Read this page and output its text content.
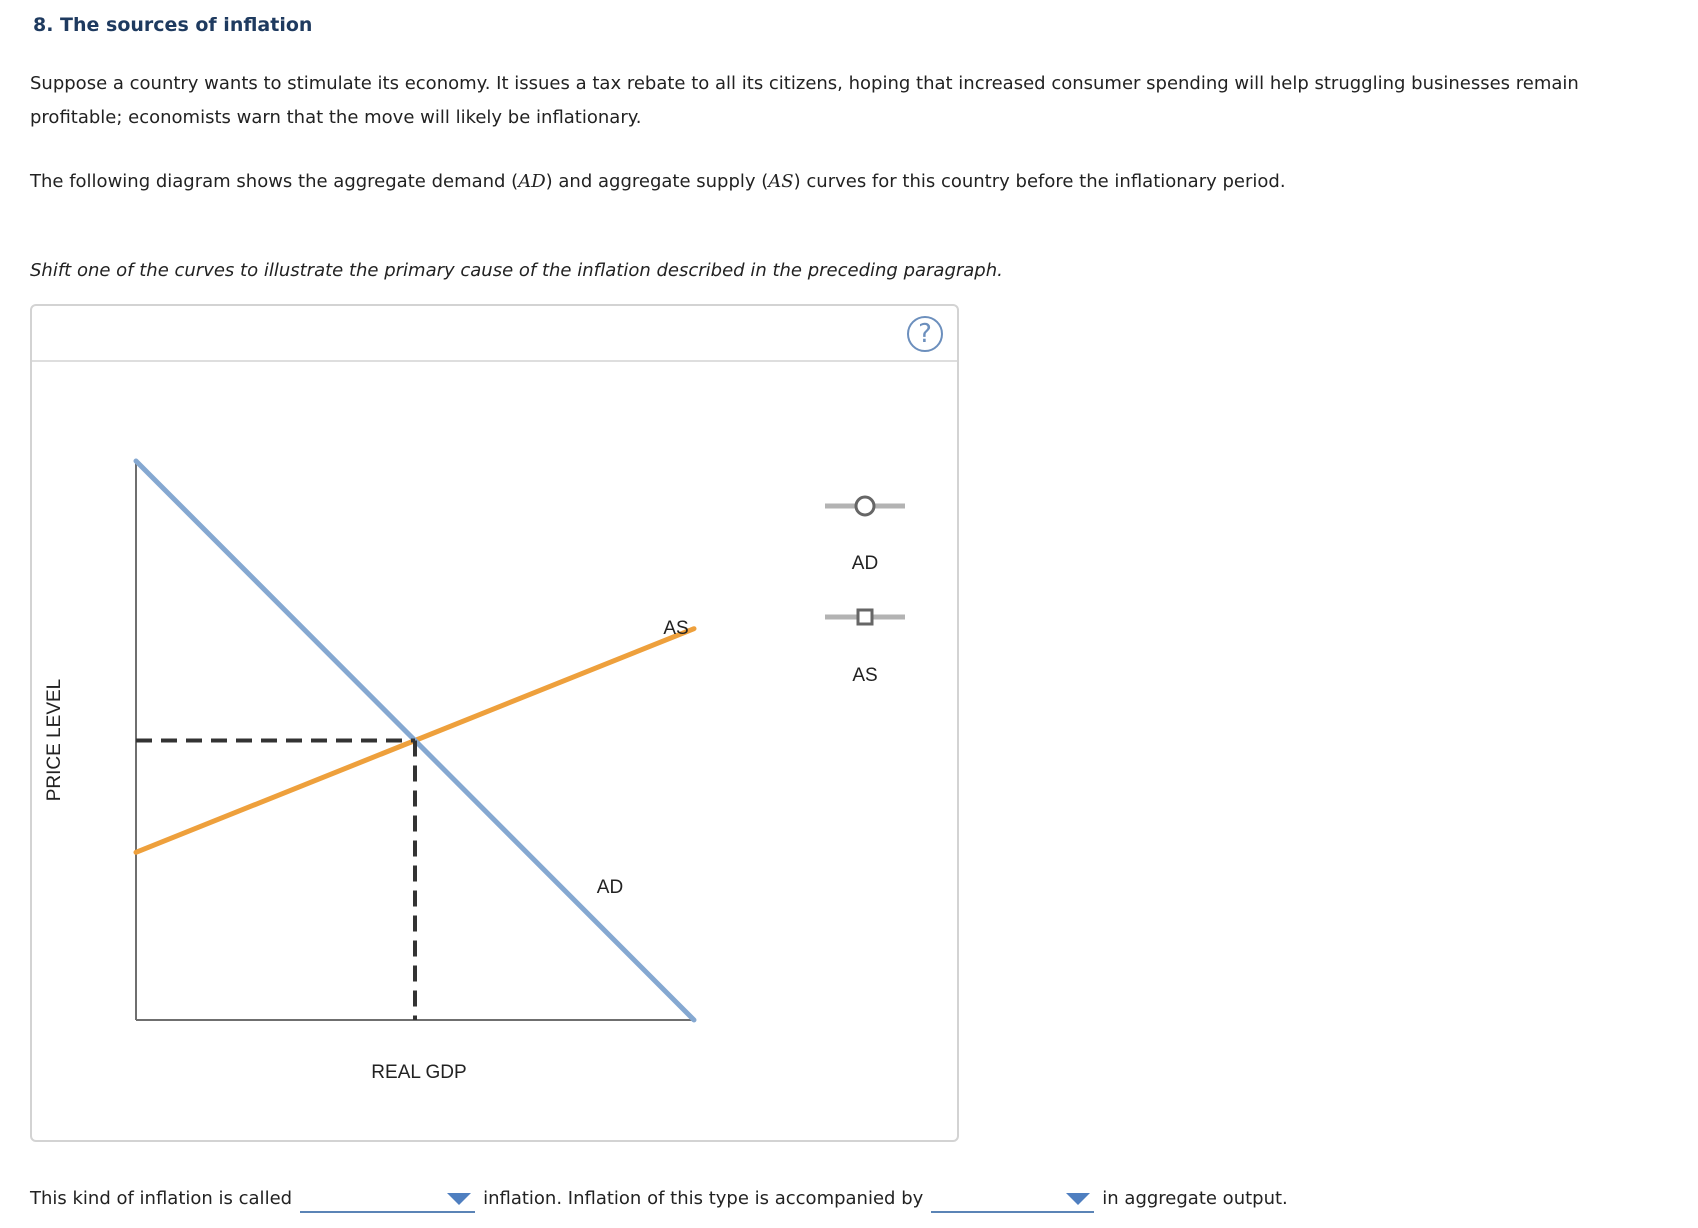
8. The sources of inflation
Suppose a country wants to stimulate its economy. It issues a tax rebate to all its citizens, hoping that increased consumer spending will help struggling businesses remain profitable; economists warn that the move will likely be inflationary.
The following diagram shows the aggregate demand (AD) and aggregate supply (AS) curves for this country before the inflationary period.
Shift one of the curves to illustrate the primary cause of the inflation described in the preceding paragraph.
?
PRICE LEVEL
REAL GDP
AS
AD
AD
AS
This kind of inflation is called	inflation. Inflation of this type is accompanied by	in aggregate output.
